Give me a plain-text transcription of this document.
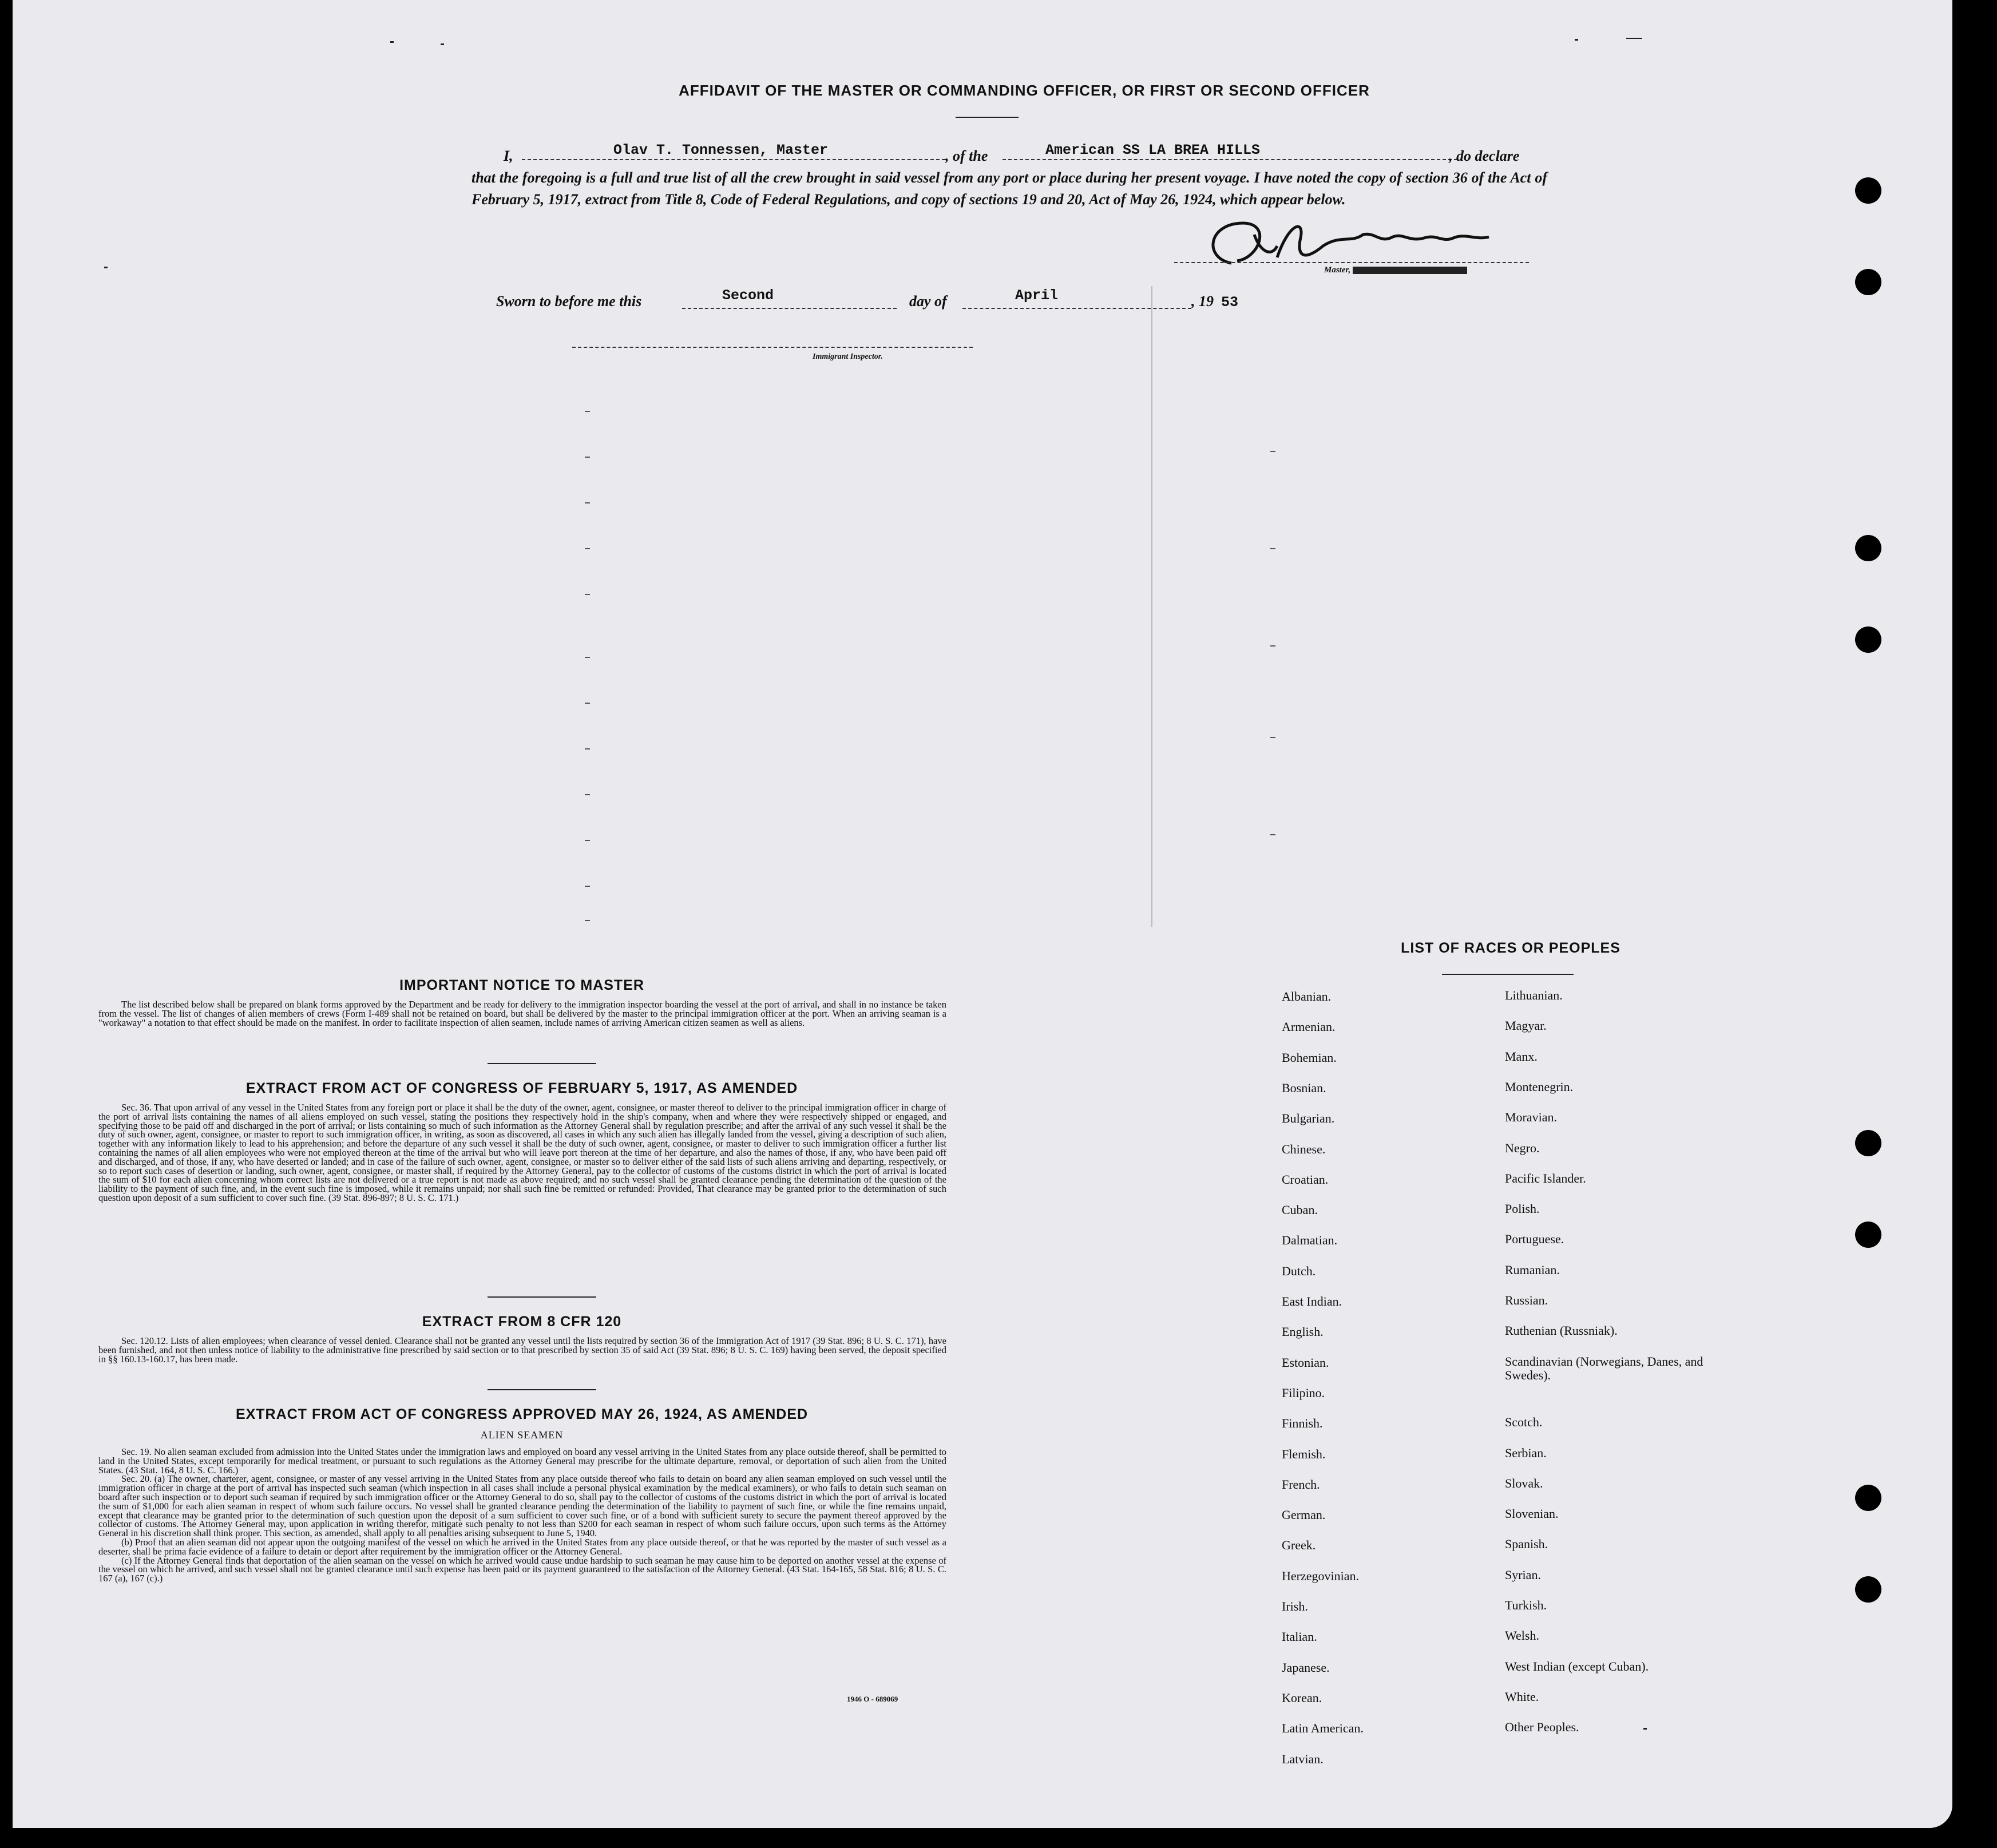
AFFIDAVIT OF THE MASTER OR COMMANDING OFFICER, OR FIRST OR SECOND OFFICER
I,	Olav T. Tonnessen, Master	, of the	American SS LA BREA HILLS	, do declare
that the foregoing is a full and true list of all the crew brought in said vessel from any port or place during her present voyage. I have noted the copy of section 36 of the Act of February 5, 1917, extract from Title 8, Code of Federal Regulations, and copy of sections 19 and 20, Act of May 26, 1924, which appear below.
Master,
Sworn to before me this	Second	day of	April	, 19 53
Immigrant Inspector.
IMPORTANT NOTICE TO MASTER

The list described below shall be prepared on blank forms approved by the Department and be ready for delivery to the immigration inspector boarding the vessel at the port of arrival, and shall in no instance be taken from the vessel. The list of changes of alien members of crews (Form I-489 shall not be retained on board, but shall be delivered by the master to the principal immigration officer at the port. When an arriving seaman is a "workaway" a notation to that effect should be made on the manifest. In order to facilitate inspection of alien seamen, include names of arriving American citizen seamen as well as aliens.

EXTRACT FROM ACT OF CONGRESS OF FEBRUARY 5, 1917, AS AMENDED

Sec. 36. That upon arrival of any vessel in the United States from any foreign port or place it shall be the duty of the owner, agent, consignee, or master thereof to deliver to the principal immigration officer in charge of the port of arrival lists containing the names of all aliens employed on such vessel, stating the positions they respectively hold in the ship's company, when and where they were respectively shipped or engaged, and specifying those to be paid off and discharged in the port of arrival; or lists containing so much of such information as the Attorney General shall by regulation prescribe; and after the arrival of any such vessel it shall be the duty of such owner, agent, consignee, or master to report to such immigration officer, in writing, as soon as discovered, all cases in which any such alien has illegally landed from the vessel, giving a description of such alien, together with any information likely to lead to his apprehension; and before the departure of any such vessel it shall be the duty of such owner, agent, consignee, or master to deliver to such immigration officer a further list containing the names of all alien employees who were not employed thereon at the time of the arrival but who will leave port thereon at the time of her departure, and also the names of those, if any, who have been paid off and discharged, and of those, if any, who have deserted or landed; and in case of the failure of such owner, agent, consignee, or master so to deliver either of the said lists of such aliens arriving and departing, respectively, or so to report such cases of desertion or landing, such owner, agent, consignee, or master shall, if required by the Attorney General, pay to the collector of customs of the customs district in which the port of arrival is located the sum of $10 for each alien concerning whom correct lists are not delivered or a true report is not made as above required; and no such vessel shall be granted clearance pending the determination of the question of the liability to the payment of such fine, and, in the event such fine is imposed, while it remains unpaid; nor shall such fine be remitted or refunded: Provided, That clearance may be granted prior to the determination of such question upon deposit of a sum sufficient to cover such fine. (39 Stat. 896-897; 8 U. S. C. 171.)

EXTRACT FROM 8 CFR 120

Sec. 120.12. Lists of alien employees; when clearance of vessel denied. Clearance shall not be granted any vessel until the lists required by section 36 of the Immigration Act of 1917 (39 Stat. 896; 8 U. S. C. 171), have been furnished, and not then unless notice of liability to the administrative fine prescribed by said section or to that prescribed by section 35 of said Act (39 Stat. 896; 8 U. S. C. 169) having been served, the deposit specified in §§ 160.13-160.17, has been made.

EXTRACT FROM ACT OF CONGRESS APPROVED MAY 26, 1924, AS AMENDED
ALIEN SEAMEN

Sec. 19. No alien seaman excluded from admission into the United States under the immigration laws and employed on board any vessel arriving in the United States from any place outside thereof, shall be permitted to land in the United States, except temporarily for medical treatment, or pursuant to such regulations as the Attorney General may prescribe for the ultimate departure, removal, or deportation of such alien from the United States. (43 Stat. 164, 8 U. S. C. 166.)

Sec. 20. (a) The owner, charterer, agent, consignee, or master of any vessel arriving in the United States from any place outside thereof who fails to detain on board any alien seaman employed on such vessel until the immigration officer in charge at the port of arrival has inspected such seaman (which inspection in all cases shall include a personal physical examination by the medical examiners), or who fails to detain such seaman on board after such inspection or to deport such seaman if required by such immigration officer or the Attorney General to do so, shall pay to the collector of customs of the customs district in which the port of arrival is located the sum of $1,000 for each alien seaman in respect of whom such failure occurs. No vessel shall be granted clearance pending the determination of the liability to payment of such fine, or while the fine remains unpaid, except that clearance may be granted prior to the determination of such question upon the deposit of a sum sufficient to cover such fine, or of a bond with sufficient surety to secure the payment thereof approved by the collector of customs. The Attorney General may, upon application in writing therefor, mitigate such penalty to not less than $200 for each seaman in respect of whom such failure occurs, upon such terms as the Attorney General in his discretion shall think proper. This section, as amended, shall apply to all penalties arising subsequent to June 5, 1940.

(b) Proof that an alien seaman did not appear upon the outgoing manifest of the vessel on which he arrived in the United States from any place outside thereof, or that he was reported by the master of such vessel as a deserter, shall be prima facie evidence of a failure to detain or deport after requirement by the immigration officer or the Attorney General.

(c) If the Attorney General finds that deportation of the alien seaman on the vessel on which he arrived would cause undue hardship to such seaman he may cause him to be deported on another vessel at the expense of the vessel on which he arrived, and such vessel shall not be granted clearance until such expense has been paid or its payment guaranteed to the satisfaction of the Attorney General. (43 Stat. 164-165, 58 Stat. 816; 8 U. S. C. 167 (a), 167 (c).)

1946 O - 689069
LIST OF RACES OR PEOPLES
Albanian.
Armenian.
Bohemian.
Bosnian.
Bulgarian.
Chinese.
Croatian.
Cuban.
Dalmatian.
Dutch.
East Indian.
English.
Estonian.
Filipino.
Finnish.
Flemish.
French.
German.
Greek.
Herzegovinian.
Irish.
Italian.
Japanese.
Korean.
Latin American.
Latvian.
Lithuanian.
Magyar.
Manx.
Montenegrin.
Moravian.
Negro.
Pacific Islander.
Polish.
Portuguese.
Rumanian.
Russian.
Ruthenian (Russniak).
Scandinavian (Norwegians, Danes, and Swedes).
Scotch.
Serbian.
Slovak.
Slovenian.
Spanish.
Syrian.
Turkish.
Welsh.
West Indian (except Cuban).
White.
Other Peoples.
